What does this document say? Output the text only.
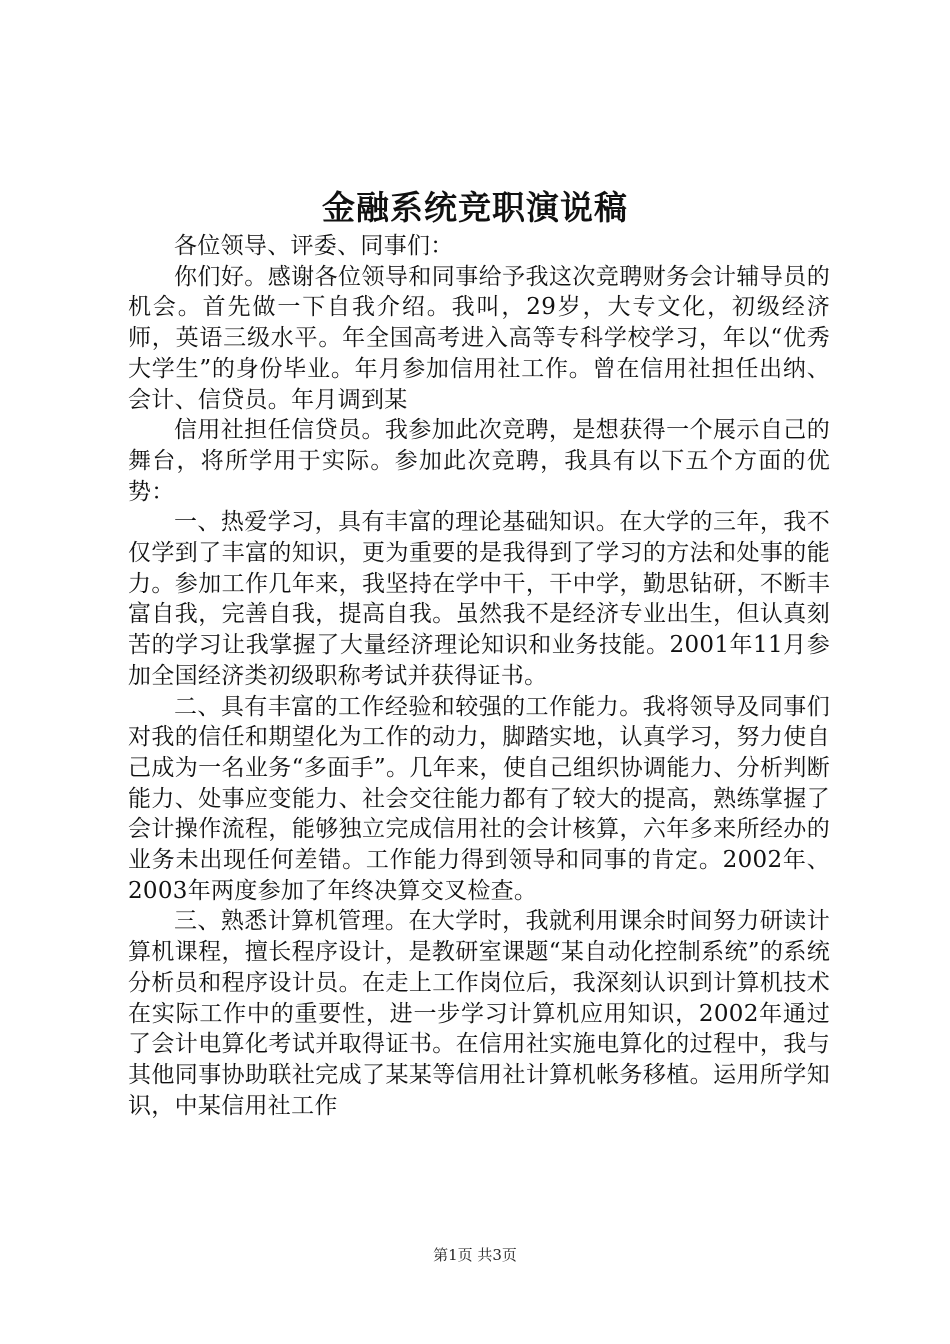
金融系统竞职演说稿

各位领导、评委、同事们：

你们好。感谢各位领导和同事给予我这次竞聘财务会计辅导员的机会。首先做一下自我介绍。我叫，29岁，大专文化，初级经济师，英语三级水平。年全国高考进入高等专科学校学习，年以“优秀大学生”的身份毕业。年月参加信用社工作。曾在信用社担任出纳、会计、信贷员。年月调到某

信用社担任信贷员。我参加此次竞聘，是想获得一个展示自己的舞台，将所学用于实际。参加此次竞聘，我具有以下五个方面的优势：

一、热爱学习，具有丰富的理论基础知识。在大学的三年，我不仅学到了丰富的知识，更为重要的是我得到了学习的方法和处事的能力。参加工作几年来，我坚持在学中干，干中学，勤思钻研，不断丰富自我，完善自我，提高自我。虽然我不是经济专业出生，但认真刻苦的学习让我掌握了大量经济理论知识和业务技能。2001年11月参加全国经济类初级职称考试并获得证书。

二、具有丰富的工作经验和较强的工作能力。我将领导及同事们对我的信任和期望化为工作的动力，脚踏实地，认真学习，努力使自己成为一名业务“多面手”。几年来，使自己组织协调能力、分析判断能力、处事应变能力、社会交往能力都有了较大的提高，熟练掌握了会计操作流程，能够独立完成信用社的会计核算，六年多来所经办的业务未出现任何差错。工作能力得到领导和同事的肯定。2002年、2003年两度参加了年终决算交叉检查。

三、熟悉计算机管理。在大学时，我就利用课余时间努力研读计算机课程，擅长程序设计，是教研室课题“某自动化控制系统”的系统分析员和程序设计员。在走上工作岗位后，我深刻认识到计算机技术在实际工作中的重要性，进一步学习计算机应用知识，2002年通过了会计电算化考试并取得证书。在信用社实施电算化的过程中，我与其他同事协助联社完成了某某等信用社计算机帐务移植。运用所学知识，中某信用社工作

第1页 共3页
